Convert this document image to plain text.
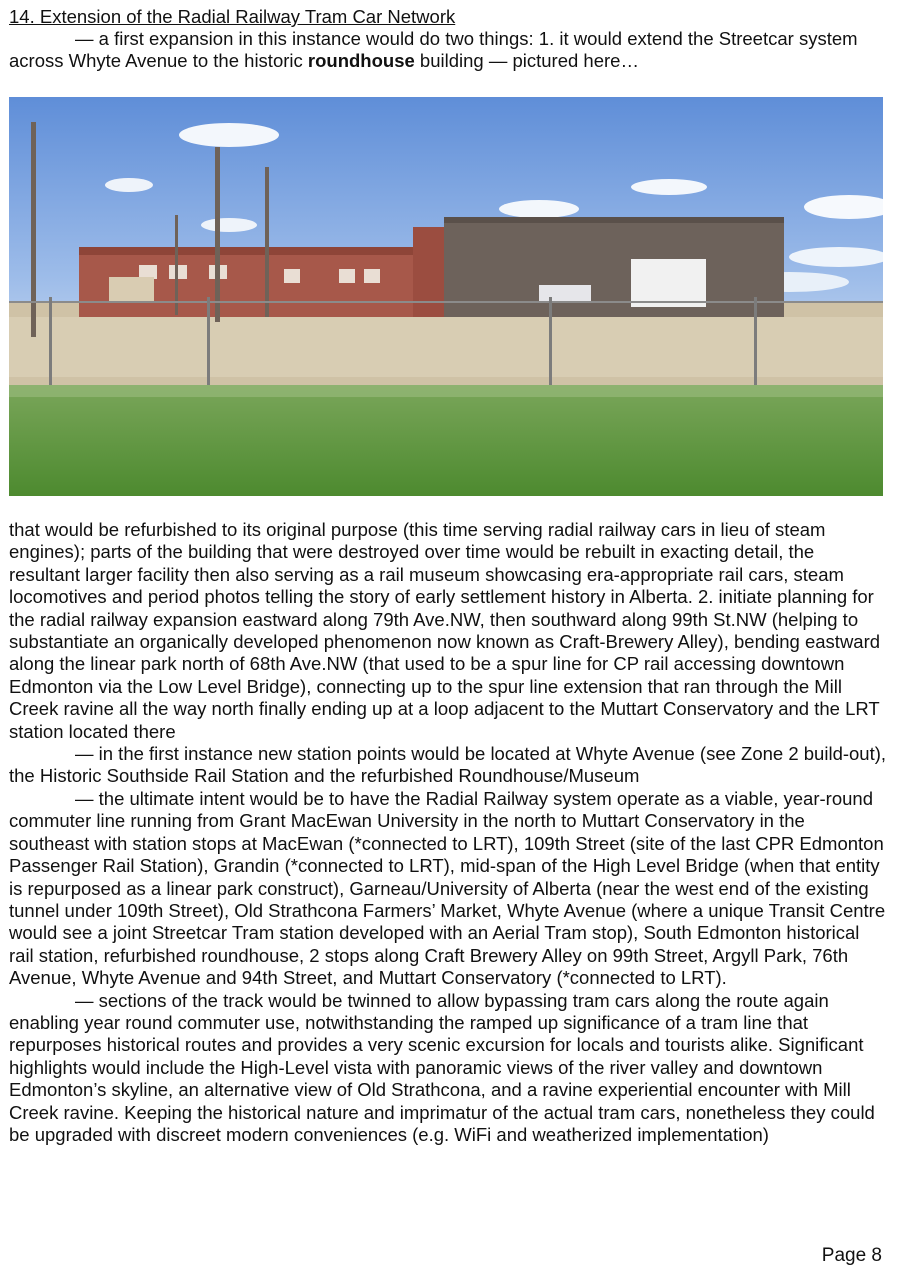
14. Extension of the Radial Railway Tram Car Network

— a first expansion in this instance would do two things: 1. it would extend the Streetcar system across Whyte Avenue to the historic roundhouse building — pictured here…

that would be refurbished to its original purpose (this time serving radial railway cars in lieu of steam engines); parts of the building that were destroyed over time would be rebuilt in exacting detail, the resultant larger facility then also serving as a rail museum showcasing era-appropriate rail cars, steam locomotives and period photos telling the story of early settlement history in Alberta. 2. initiate planning for the radial railway expansion eastward along 79th Ave.NW, then southward along 99th St.NW (helping to substantiate an organically developed phenomenon now known as Craft-Brewery Alley), bending eastward along the linear park north of 68th Ave.NW (that used to be a spur line for CP rail accessing downtown Edmonton via the Low Level Bridge), connecting up to the spur line extension that ran through the Mill Creek ravine all the way north finally ending up at a loop adjacent to the Muttart Conservatory and the LRT station located there

— in the first instance new station points would be located at Whyte Avenue (see Zone 2 build-out), the Historic Southside Rail Station and the refurbished Roundhouse/Museum

— the ultimate intent would be to have the Radial Railway system operate as a viable, year-round commuter line running from Grant MacEwan University in the north to Muttart Conservatory in the southeast with station stops at MacEwan (*connected to LRT), 109th Street (site of the last CPR Edmonton Passenger Rail Station), Grandin (*connected to LRT), mid-span of the High Level Bridge (when that entity is repurposed as a linear park construct), Garneau/University of Alberta (near the west end of the existing tunnel under 109th Street), Old Strathcona Farmers’ Market, Whyte Avenue (where a unique Transit Centre would see a joint Streetcar Tram station developed with an Aerial Tram stop), South Edmonton historical rail station, refurbished roundhouse, 2 stops along Craft Brewery Alley on 99th Street, Argyll Park, 76th Avenue, Whyte Avenue and 94th Street, and Muttart Conservatory (*connected to LRT).

— sections of the track would be twinned to allow bypassing tram cars along the route again enabling year round commuter use, notwithstanding the ramped up significance of a tram line that repurposes historical routes and provides a very scenic excursion for locals and tourists alike. Significant highlights would include the High-Level vista with panoramic views of the river valley and downtown Edmonton’s skyline, an alternative view of Old Strathcona, and a ravine experiential encounter with Mill Creek ravine. Keeping the historical nature and imprimatur of the actual tram cars, nonetheless they could be upgraded with discreet modern conveniences (e.g. WiFi and weatherized implementation)

Page 8
